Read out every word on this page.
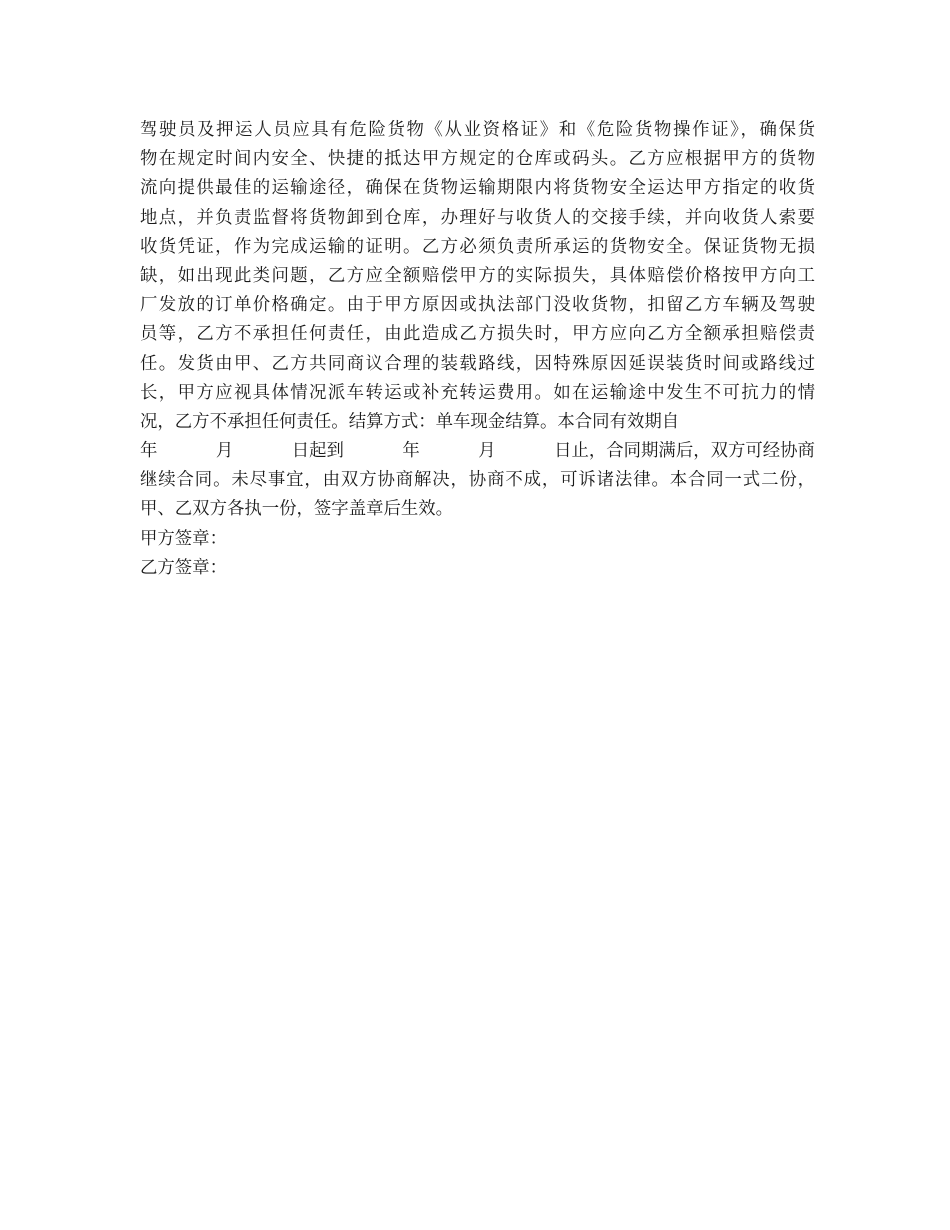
驾驶员及押运人员应具有危险货物《从业资格证》和《危险货物操作证》，确保货
物在规定时间内安全、快捷的抵达甲方规定的仓库或码头。乙方应根据甲方的货物
流向提供最佳的运输途径，确保在货物运输期限内将货物安全运达甲方指定的收货
地点，并负责监督将货物卸到仓库，办理好与收货人的交接手续，并向收货人索要
收货凭证，作为完成运输的证明。乙方必须负责所承运的货物安全。保证货物无损
缺，如出现此类问题，乙方应全额赔偿甲方的实际损失，具体赔偿价格按甲方向工
厂发放的订单价格确定。由于甲方原因或执法部门没收货物，扣留乙方车辆及驾驶
员等，乙方不承担任何责任，由此造成乙方损失时，甲方应向乙方全额承担赔偿责
任。发货由甲、乙方共同商议合理的装载路线，因特殊原因延误装货时间或路线过
长，甲方应视具体情况派车转运或补充转运费用。如在运输途中发生不可抗力的情
况，乙方不承担任何责任。结算方式：单车现金结算。本合同有效期自
年	月	日起到	年	月	日止，合同期满后，双方可经协商
继续合同。未尽事宜，由双方协商解决，协商不成，可诉诸法律。本合同一式二份，
甲、乙双方各执一份，签字盖章后生效。
甲方签章：
乙方签章：
